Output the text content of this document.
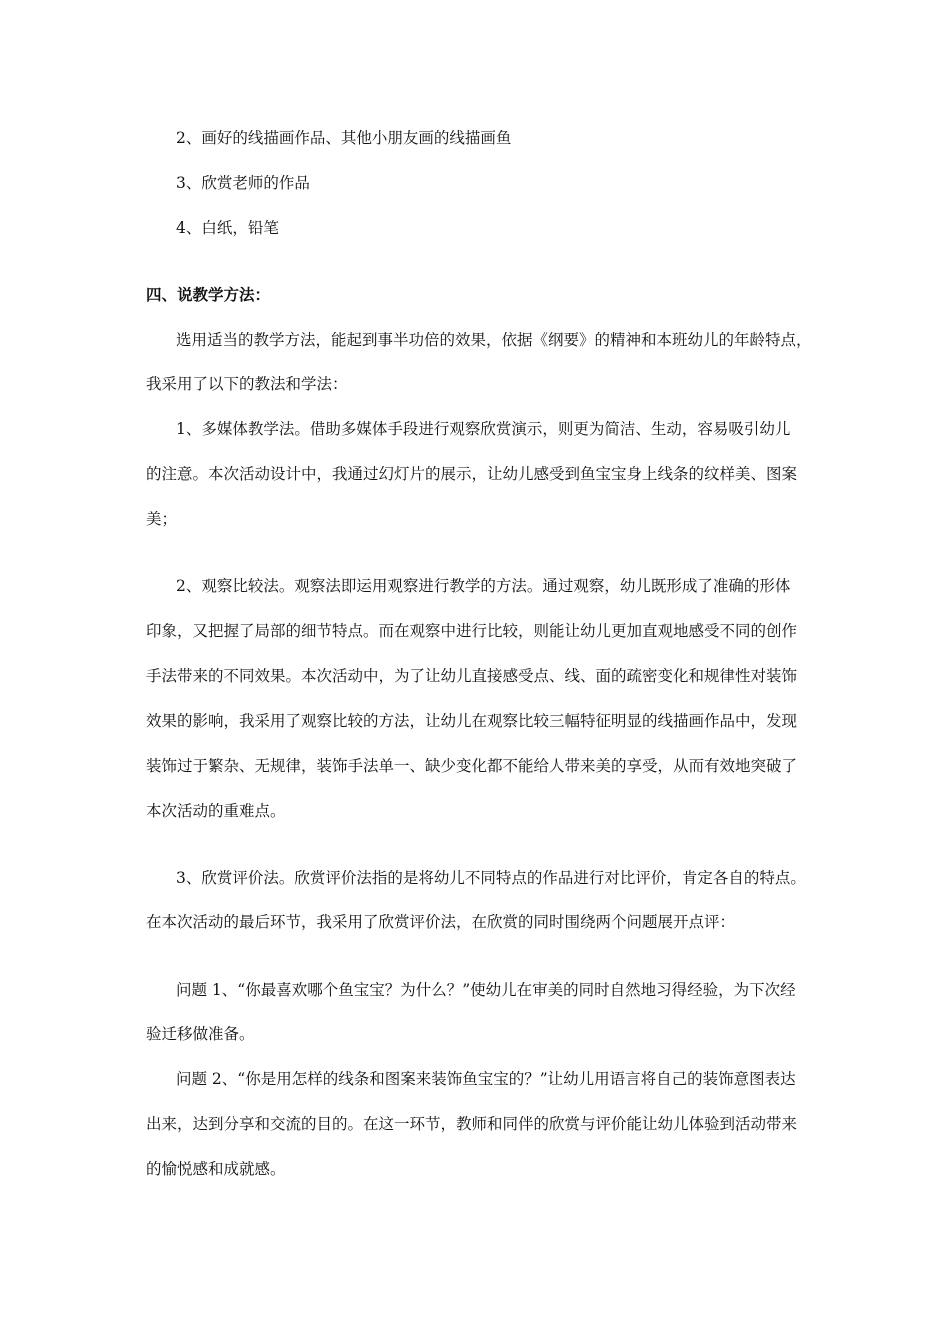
2、画好的线描画作品、其他小朋友画的线描画鱼

3、欣赏老师的作品

4、白纸，铅笔

四、说教学方法：

选用适当的教学方法，能起到事半功倍的效果，依据《纲要》的精神和本班幼儿的年龄特点，

我采用了以下的教法和学法：

1、多媒体教学法。借助多媒体手段进行观察欣赏演示，则更为简洁、生动，容易吸引幼儿

的注意。本次活动设计中，我通过幻灯片的展示，让幼儿感受到鱼宝宝身上线条的纹样美、图案

美；

2、观察比较法。观察法即运用观察进行教学的方法。通过观察，幼儿既形成了准确的形体

印象，又把握了局部的细节特点。而在观察中进行比较，则能让幼儿更加直观地感受不同的创作

手法带来的不同效果。本次活动中，为了让幼儿直接感受点、线、面的疏密变化和规律性对装饰

效果的影响，我采用了观察比较的方法，让幼儿在观察比较三幅特征明显的线描画作品中，发现

装饰过于繁杂、无规律，装饰手法单一、缺少变化都不能给人带来美的享受，从而有效地突破了

本次活动的重难点。

3、欣赏评价法。欣赏评价法指的是将幼儿不同特点的作品进行对比评价，肯定各自的特点。

在本次活动的最后环节，我采用了欣赏评价法，在欣赏的同时围绕两个问题展开点评：

问题 1、“你最喜欢哪个鱼宝宝？为什么？”使幼儿在审美的同时自然地习得经验，为下次经

验迁移做准备。

问题 2、“你是用怎样的线条和图案来装饰鱼宝宝的？”让幼儿用语言将自己的装饰意图表达

出来，达到分享和交流的目的。在这一环节，教师和同伴的欣赏与评价能让幼儿体验到活动带来

的愉悦感和成就感。
